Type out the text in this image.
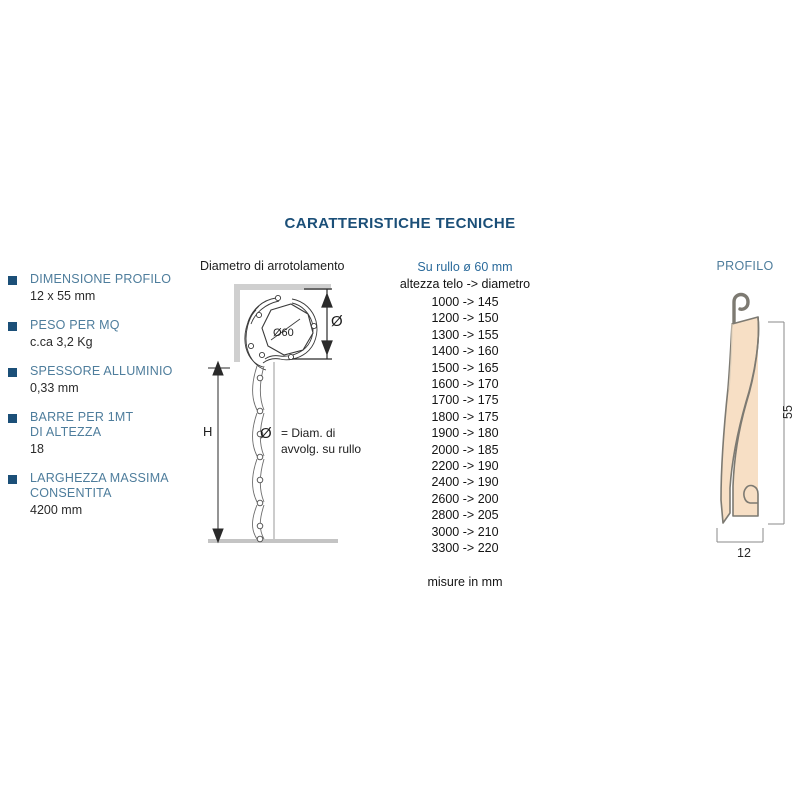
CARATTERISTICHE TECNICHE
DIMENSIONE PROFILO
12 x 55 mm
PESO PER MQ
c.ca 3,2 Kg
SPESSORE ALLUMINIO
0,33 mm
BARRE PER 1MT
DI ALTEZZA
18
LARGHEZZA MASSIMA
CONSENTITA
4200 mm
Diametro di arrotolamento
Ø60
H
Ø
Ø = Diam. di
avvolg. su rullo
Su rullo ø 60 mm
altezza telo -> diametro
1000 -> 145
1200 -> 150
1300 -> 155
1400 -> 160
1500 -> 165
1600 -> 170
1700 -> 175
1800 -> 175
1900 -> 180
2000 -> 185
2200 -> 190
2400 -> 190
2600 -> 200
2800 -> 205
3000 -> 210
3300 -> 220
misure in mm
PROFILO
55
12
